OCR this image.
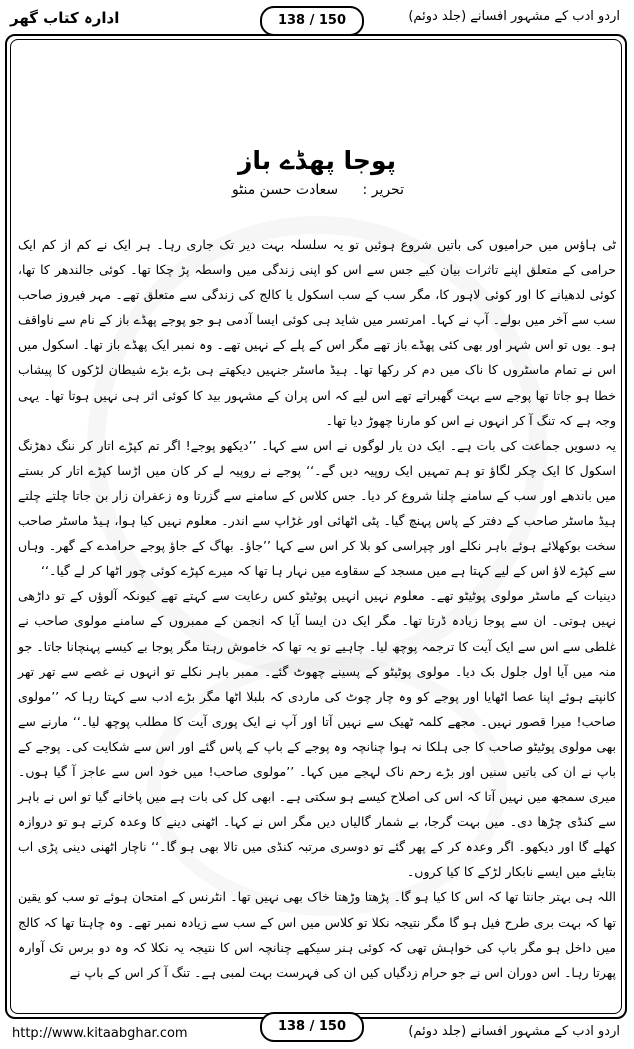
ادارہ کتاب گھر	اردو ادب کے مشہور افسانے (جلد دوئم)
138 / 150
پوجا پھڈے باز
تحریر : سعادت حسن منٹو

ٹی ہاؤس میں حرامیوں کی باتیں شروع ہوئیں تو یہ سلسلہ بہت دیر تک جاری رہا۔ ہر ایک نے کم از کم ایک حرامی کے متعلق اپنے تاثرات بیان کیے جس سے اس کو اپنی زندگی میں واسطہ پڑ چکا تھا۔ کوئی جالندھر کا تھا، کوئی لدھیانے کا اور کوئی لاہور کا، مگر سب کے سب اسکول یا کالج کی زندگی سے متعلق تھے۔ مہر فیروز صاحب سب سے آخر میں بولے۔ آپ نے کہا۔ امرتسر میں شاید ہی کوئی ایسا آدمی ہو جو پوجے پھڈے باز کے نام سے ناواقف ہو۔ یوں تو اس شہر اور بھی کئی پھڈے باز تھے مگر اس کے پلے کے نہیں تھے۔ وہ نمبر ایک پھڈے باز تھا۔ اسکول میں اس نے تمام ماسٹروں کا ناک میں دم کر رکھا تھا۔ ہیڈ ماسٹر جنہیں دیکھتے ہی بڑے بڑے شیطان لڑکوں کا پیشاب خطا ہو جاتا تھا پوجے سے بہت گھبراتے تھے اس لیے کہ اس پران کے مشہور بید کا کوئی اثر ہی نہیں ہوتا تھا۔ یہی وجہ ہے کہ تنگ آ کر انہوں نے اس کو مارنا چھوڑ دیا تھا۔

یہ دسویں جماعت کی بات ہے۔ ایک دن یار لوگوں نے اس سے کہا۔ ’’دیکھو پوجے! اگر تم کپڑے اتار کر ننگ دھڑنگ اسکول کا ایک چکر لگاؤ تو ہم تمہیں ایک روپیہ دیں گے۔‘‘ پوجے نے روپیہ لے کر کان میں اڑسا کپڑے اتار کر بستے میں باندھے اور سب کے سامنے چلنا شروع کر دیا۔ جس کلاس کے سامنے سے گزرتا وہ زعفران زار بن جاتا چلتے چلتے ہیڈ ماسٹر صاحب کے دفتر کے پاس پہنچ گیا۔ پٹی اٹھائی اور غڑاپ سے اندر۔ معلوم نہیں کیا ہوا، ہیڈ ماسٹر صاحب سخت بوکھلائے ہوئے باہر نکلے اور چپراسی کو بلا کر اس سے کہا ’’جاؤ۔ بھاگ کے جاؤ پوجے حرامدے کے گھر۔ وہاں سے کپڑے لاؤ اس کے لیے کہتا ہے میں مسجد کے سقاوے میں نہار ہا تھا کہ میرے کپڑے کوئی چور اٹھا کر لے گیا۔‘‘

دینیات کے ماسٹر مولوی پوٹیٹو تھے۔ معلوم نہیں انہیں پوٹیٹو کس رعایت سے کہتے تھے کیونکہ آلوؤں کے تو داڑھی نہیں ہوتی۔ ان سے پوجا زیادہ ڈرتا تھا۔ مگر ایک دن ایسا آیا کہ انجمن کے ممبروں کے سامنے مولوی صاحب نے غلطی سے اس سے ایک آیت کا ترجمہ پوچھ لیا۔ چاہیے تو یہ تھا کہ خاموش رہتا مگر پوجا بے کیسے پہنچانا جاتا۔ جو منہ میں آیا اول جلول بک دیا۔ مولوی پوٹیٹو کے پسینے چھوٹ گئے۔ ممبر باہر نکلے تو انہوں نے غصے سے تھر تھر کانپتے ہوئے اپنا عصا اٹھایا اور پوجے کو وہ چار چوٹ کی ماردی کہ بلبلا اٹھا مگر بڑے ادب سے کہتا رہا کہ ’’مولوی صاحب! میرا قصور نہیں۔ مجھے کلمہ ٹھیک سے نہیں آتا اور آپ نے ایک پوری آیت کا مطلب پوچھ لیا۔‘‘ مارنے سے بھی مولوی پوٹیٹو صاحب کا جی ہلکا نہ ہوا چنانچہ وہ پوجے کے باپ کے پاس گئے اور اس سے شکایت کی۔ پوجے کے باپ نے ان کی باتیں سنیں اور بڑے رحم ناک لہجے میں کہا۔ ’’مولوی صاحب! میں خود اس سے عاجز آ گیا ہوں۔ میری سمجھ میں نہیں آتا کہ اس کی اصلاح کیسے ہو سکتی ہے۔ ابھی کل کی بات ہے میں پاخانے گیا تو اس نے باہر سے کنڈی چڑھا دی۔ میں بہت گرجا، بے شمار گالیاں دیں مگر اس نے کہا۔ اٹھنی دینے کا وعدہ کرتے ہو تو دروازہ کھلے گا اور دیکھو۔ اگر وعدہ کر کے پھر گئے تو دوسری مرتبہ کنڈی میں تالا بھی ہو گا۔‘‘ ناچار اٹھنی دینی پڑی اب بتایئے میں ایسے نابکار لڑکے کا کیا کروں۔

اللہ ہی بہتر جانتا تھا کہ اس کا کیا ہو گا۔ پڑھتا وڑھتا خاک بھی نہیں تھا۔ انٹرنس کے امتحان ہوئے تو سب کو یقین تھا کہ بہت بری طرح فیل ہو گا مگر نتیجہ نکلا تو کلاس میں اس کے سب سے زیادہ نمبر تھے۔ وہ چاہتا تھا کہ کالج میں داخل ہو مگر باپ کی خواہش تھی کہ کوئی ہنر سیکھے چنانچہ اس کا نتیجہ یہ نکلا کہ وہ دو برس تک آوارہ پھرتا رہا۔ اس دوران اس نے جو حرام زدگیاں کیں ان کی فہرست بہت لمبی ہے۔ تنگ آ کر اس کے باپ نے

http://www.kitaabghar.com	138 / 150	اردو ادب کے مشہور افسانے (جلد دوئم)
